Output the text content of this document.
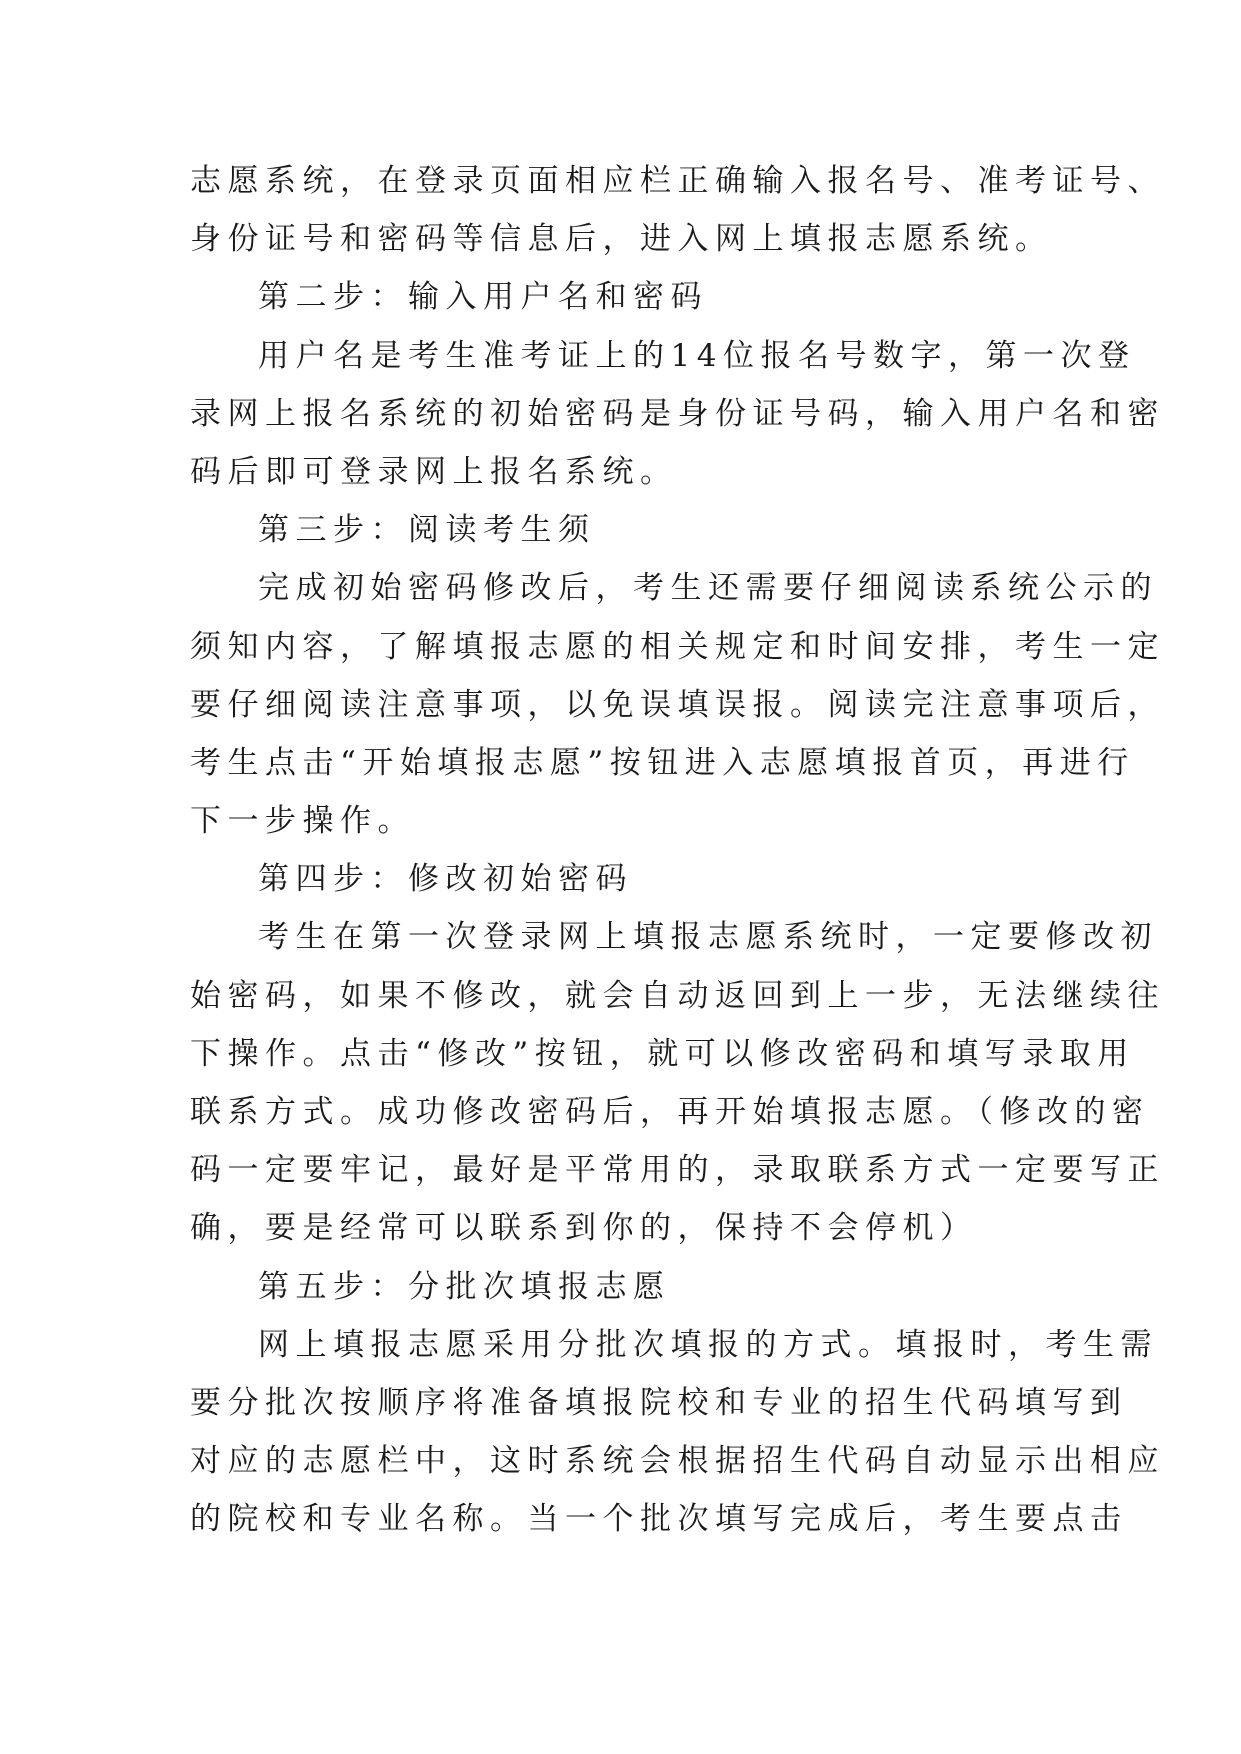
志愿系统，在登录页面相应栏正确输入报名号、准考证号、
身份证号和密码等信息后，进入网上填报志愿系统。
第二步：输入用户名和密码
用户名是考生准考证上的14位报名号数字，第一次登
录网上报名系统的初始密码是身份证号码，输入用户名和密
码后即可登录网上报名系统。
第三步：阅读考生须
完成初始密码修改后，考生还需要仔细阅读系统公示的
须知内容，了解填报志愿的相关规定和时间安排，考生一定
要仔细阅读注意事项，以免误填误报。阅读完注意事项后，
考生点击“开始填报志愿”按钮进入志愿填报首页，再进行
下一步操作。
第四步：修改初始密码
考生在第一次登录网上填报志愿系统时，一定要修改初
始密码，如果不修改，就会自动返回到上一步，无法继续往
下操作。点击“修改”按钮，就可以修改密码和填写录取用
联系方式。成功修改密码后，再开始填报志愿。（修改的密
码一定要牢记，最好是平常用的，录取联系方式一定要写正
确，要是经常可以联系到你的，保持不会停机）
第五步：分批次填报志愿
网上填报志愿采用分批次填报的方式。填报时，考生需
要分批次按顺序将准备填报院校和专业的招生代码填写到
对应的志愿栏中，这时系统会根据招生代码自动显示出相应
的院校和专业名称。当一个批次填写完成后，考生要点击
